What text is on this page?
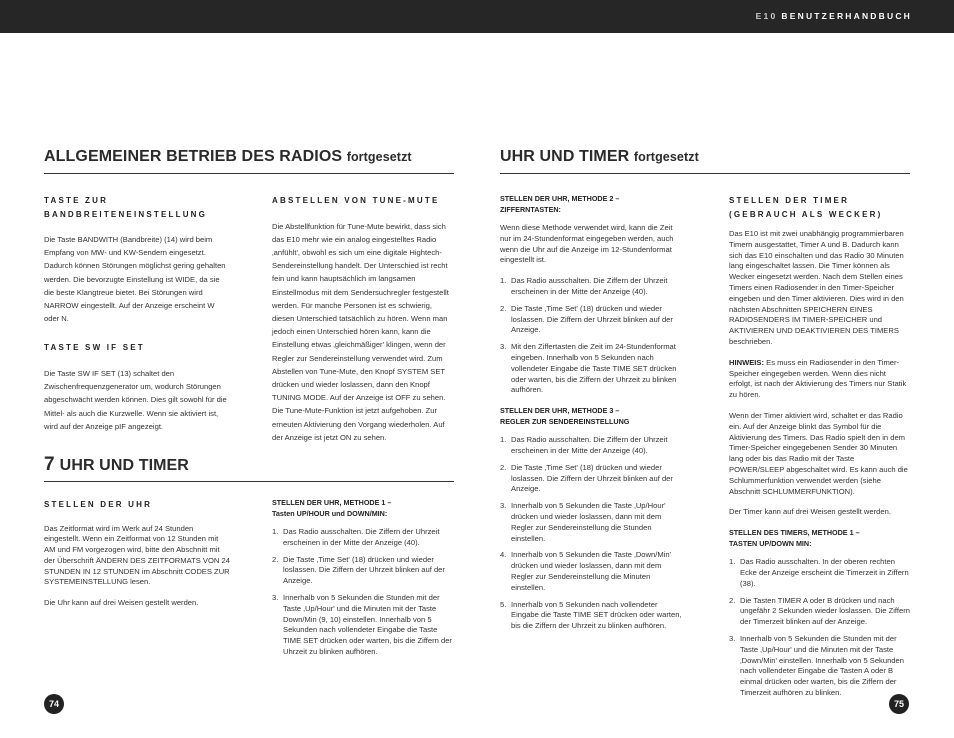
E10 BENUTZERHANDBUCH
ALLGEMEINER BETRIEB DES RADIOS fortgesetzt
TASTE ZUR BANDBREITENEINSTELLUNG

Die Taste BANDWITH (Bandbreite) (14) wird beim Empfang von MW- und KW-Sendern eingesetzt. Dadurch können Störungen möglichst gering gehalten werden. Die bevorzugte Einstellung ist WIDE, da sie die beste Klangtreue bietet. Bei Störungen wird NARROW eingestellt. Auf der Anzeige erscheint W oder N.

TASTE SW IF SET

Die Taste SW IF SET (13) schaltet den Zwischenfrequenzgenerator um, wodurch Störungen abgeschwächt werden können. Dies gilt sowohl für die Mittel- als auch die Kurzwelle. Wenn sie aktiviert ist, wird auf der Anzeige pIF angezeigt.

ABSTELLEN VON TUNE-MUTE

Die Abstellfunktion für Tune-Mute bewirkt, dass sich das E10 mehr wie ein analog eingestelltes Radio ‚anfühlt', obwohl es sich um eine digitale Hightech-Sendereinstellung handelt. Der Unterschied ist recht fein und kann hauptsächlich im langsamen Einstellmodus mit dem Sendersuchregler festgestellt werden. Für manche Personen ist es schwierig, diesen Unterschied tatsächlich zu hören. Wenn man jedoch einen Unterschied hören kann, kann die Einstellung etwas ‚gleichmäßiger' klingen, wenn der Regler zur Sendereinstellung verwendet wird. Zum Abstellen von Tune-Mute, den Knopf SYSTEM SET drücken und wieder loslassen, dann den Knopf TUNING MODE. Auf der Anzeige ist OFF zu sehen. Die Tune-Mute-Funktion ist jetzt aufgehoben. Zur erneuten Aktivierung den Vorgang wiederholen. Auf der Anzeige ist jetzt ON zu sehen.

7 UHR UND TIMER
STELLEN DER UHR

Das Zeitformat wird im Werk auf 24 Stunden eingestellt. Wenn ein Zeitformat von 12 Stunden mit AM und FM vorgezogen wird, bitte den Abschnitt mit der Überschrift ÄNDERN DES ZEITFORMATS VON 24 STUNDEN IN 12 STUNDEN im Abschnitt CODES ZUR SYSTEMEINSTELLUNG lesen.

Die Uhr kann auf drei Weisen gestellt werden.

STELLEN DER UHR, METHODE 1 –
Tasten UP/HOUR und DOWN/MIN:
1. Das Radio ausschalten. Die Ziffern der Uhrzeit erscheinen in der Mitte der Anzeige (40).
2. Die Taste ‚Time Set' (18) drücken und wieder loslassen. Die Ziffern der Uhrzeit blinken auf der Anzeige.
3. Innerhalb von 5 Sekunden die Stunden mit der Taste ‚Up/Hour' und die Minuten mit der Taste Down/Min (9, 10) einstellen. Innerhalb von 5 Sekunden nach vollendeter Eingabe die Taste TIME SET drücken oder warten, bis die Ziffern der Uhrzeit zu blinken aufhören.
74
UHR UND TIMER fortgesetzt
STELLEN DER UHR, METHODE 2 –
ZIFFERNTASTEN:

Wenn diese Methode verwendet wird, kann die Zeit nur im 24-Stundenformat eingegeben werden, auch wenn die Uhr auf die Anzeige im 12-Stundenformat eingestellt ist.

1. Das Radio ausschalten. Die Ziffern der Uhrzeit erscheinen in der Mitte der Anzeige (40).
2. Die Taste ‚Time Set' (18) drücken und wieder loslassen. Die Ziffern der Uhrzeit blinken auf der Anzeige.
3. Mit den Ziffertasten die Zeit im 24-Stundenformat eingeben. Innerhalb von 5 Sekunden nach vollendeter Eingabe die Taste TIME SET drücken oder warten, bis die Ziffern der Uhrzeit zu blinken aufhören.
STELLEN DER UHR, METHODE 3 –
REGLER ZUR SENDEREINSTELLUNG
1. Das Radio ausschalten. Die Ziffern der Uhrzeit erscheinen in der Mitte der Anzeige (40).
2. Die Taste ‚Time Set' (18) drücken und wieder loslassen. Die Ziffern der Uhrzeit blinken auf der Anzeige.
3. Innerhalb von 5 Sekunden die Taste ‚Up/Hour' drücken und wieder loslassen, dann mit dem Regler zur Sendereinstellung die Stunden einstellen.
4. Innerhalb von 5 Sekunden die Taste ‚Down/Min' drücken und wieder loslassen, dann mit dem Regler zur Sendereinstellung die Minuten einstellen.
5. Innerhalb von 5 Sekunden nach vollendeter Eingabe die Taste TIME SET drücken oder warten, bis die Ziffern der Uhrzeit zu blinken aufhören.
STELLEN DER TIMER (GEBRAUCH ALS WECKER)

Das E10 ist mit zwei unabhängig programmierbaren Timern ausgestattet, Timer A und B. Dadurch kann sich das E10 einschalten und das Radio 30 Minuten lang eingeschaltet lassen. Die Timer können als Wecker eingesetzt werden. Nach dem Stellen eines Timers einen Radiosender in den Timer-Speicher eingeben und den Timer aktivieren. Dies wird in den nächsten Abschnitten SPEICHERN EINES RADIOSENDERS IM TIMER-SPEICHER und AKTIVIEREN UND DEAKTIVIEREN DES TIMERS beschrieben.

HINWEIS: Es muss ein Radiosender in den Timer-Speicher eingegeben werden. Wenn dies nicht erfolgt, ist nach der Aktivierung des Timers nur Statik zu hören.

Wenn der Timer aktiviert wird, schaltet er das Radio ein. Auf der Anzeige blinkt das Symbol für die Aktivierung des Timers. Das Radio spielt den in dem Timer-Speicher eingegebenen Sender 30 Minuten lang oder bis das Radio mit der Taste POWER/SLEEP abgeschaltet wird. Es kann auch die Schlummerfunktion verwendet werden (siehe Abschnitt SCHLUMMERFUNKTION).

Der Timer kann auf drei Weisen gestellt werden.

STELLEN DES TIMERS, METHODE 1 –
TASTEN UP/DOWN MIN:
1. Das Radio ausschalten. In der oberen rechten Ecke der Anzeige erscheint die Timerzeit in Ziffern (38).
2. Die Tasten TIMER A oder B drücken und nach ungefähr 2 Sekunden wieder loslassen. Die Ziffern der Timerzeit blinken auf der Anzeige.
3. Innerhalb von 5 Sekunden die Stunden mit der Taste ‚Up/Hour' und die Minuten mit der Taste ‚Down/Min' einstellen. Innerhalb von 5 Sekunden nach vollendeter Eingabe die Tasten A oder B einmal drücken oder warten, bis die Ziffern der Timerzeit aufhören zu blinken.
75
